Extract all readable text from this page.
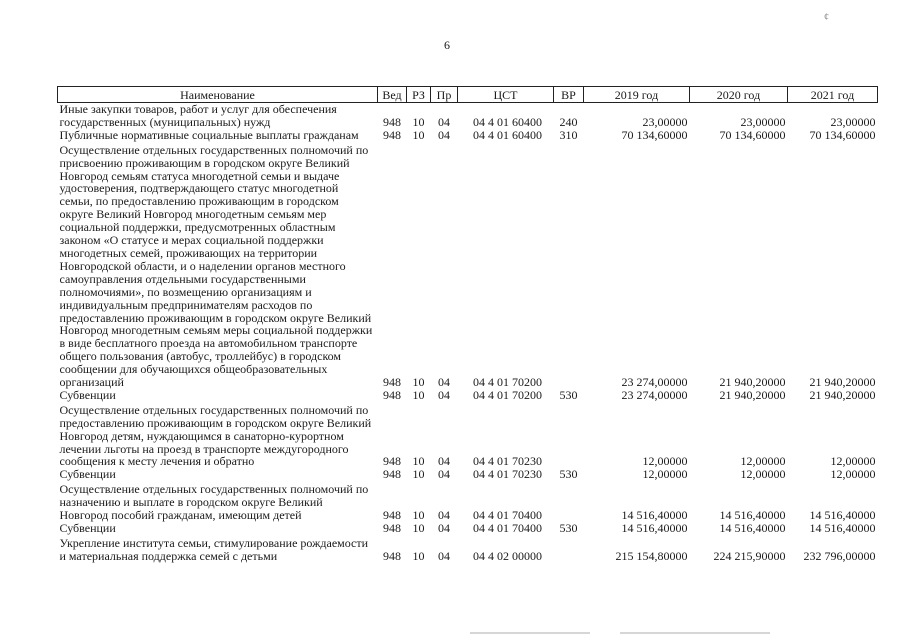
¢
6
Наименование	Вед	РЗ	Пр	ЦСТ	ВР	2019 год	2020 год	2021 год
Иные закупки товаров, работ и услуг для обеспечения государственных (муниципальных) нужд	948	10	04	04 4 01 60400	240	23,00000	23,00000	23,00000
Публичные нормативные социальные выплаты гражданам	948	10	04	04 4 01 60400	310	70 134,60000	70 134,60000	70 134,60000
Осуществление отдельных государственных полномочий по присвоению проживающим в городском округе Великий Новгород семьям статуса многодетной семьи и выдаче удостоверения, подтверждающего статус многодетной семьи, по предоставлению проживающим в городском округе Великий Новгород многодетным семьям мер социальной поддержки, предусмотренных областным законом «О статусе и мерах социальной поддержки многодетных семей, проживающих на территории Новгородской области, и о наделении органов местного самоуправления отдельными государственными полномочиями», по возмещению организациям и индивидуальным предпринимателям расходов по предоставлению проживающим в городском округе Великий Новгород многодетным семьям меры социальной поддержки в виде бесплатного проезда на автомобильном транспорте общего пользования (автобус, троллейбус) в городском сообщении для обучающихся общеобразовательных организаций	948	10	04	04 4 01 70200		23 274,00000	21 940,20000	21 940,20000
Субвенции	948	10	04	04 4 01 70200	530	23 274,00000	21 940,20000	21 940,20000
Осуществление отдельных государственных полномочий по предоставлению проживающим в городском округе Великий Новгород детям, нуждающимся в санаторно-курортном лечении льготы на проезд в транспорте междугородного сообщения к месту лечения и обратно	948	10	04	04 4 01 70230		12,00000	12,00000	12,00000
Субвенции	948	10	04	04 4 01 70230	530	12,00000	12,00000	12,00000
Осуществление отдельных государственных полномочий по назначению и выплате в городском округе Великий Новгород пособий гражданам, имеющим детей	948	10	04	04 4 01 70400		14 516,40000	14 516,40000	14 516,40000
Субвенции	948	10	04	04 4 01 70400	530	14 516,40000	14 516,40000	14 516,40000
Укрепление института семьи, стимулирование рождаемости и материальная поддержка семей с детьми	948	10	04	04 4 02 00000		215 154,80000	224 215,90000	232 796,00000
